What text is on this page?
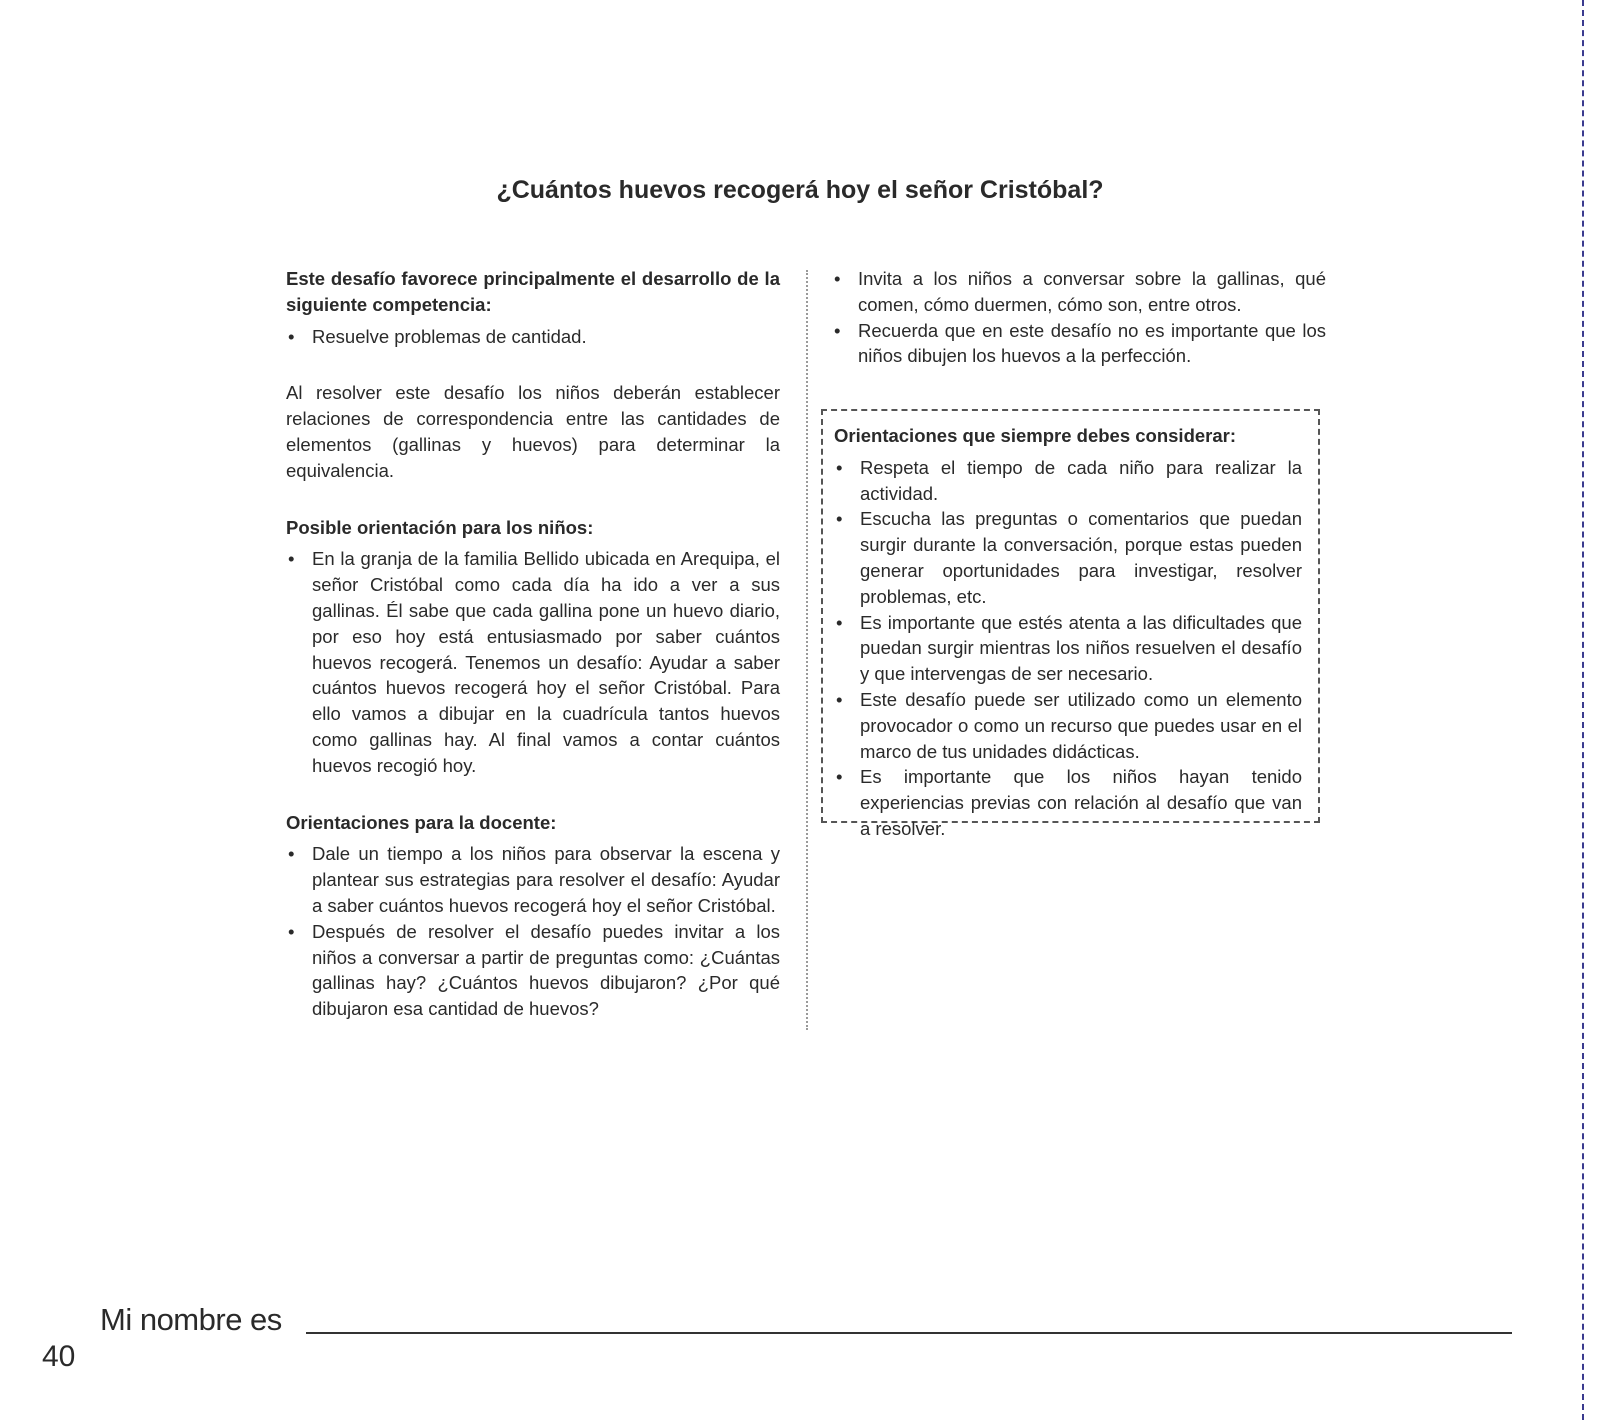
¿Cuántos huevos recogerá hoy el señor Cristóbal?

Este desafío favorece principalmente el desarrollo de la siguiente competencia:

• Resuelve problemas de cantidad.

Al resolver este desafío los niños deberán establecer relaciones de correspondencia entre las cantidades de elementos (gallinas y huevos) para determinar la equivalencia.

Posible orientación para los niños:

• En la granja de la familia Bellido ubicada en Arequipa, el señor Cristóbal como cada día ha ido a ver a sus gallinas. Él sabe que cada gallina pone un huevo diario, por eso hoy está entusiasmado por saber cuántos huevos recogerá. Tenemos un desafío: Ayudar a saber cuántos huevos recogerá hoy el señor Cristóbal. Para ello vamos a dibujar en la cuadrícula tantos huevos como gallinas hay. Al final vamos a contar cuántos huevos recogió hoy.

Orientaciones para la docente:

• Dale un tiempo a los niños para observar la escena y plantear sus estrategias para resolver el desafío: Ayudar a saber cuántos huevos recogerá hoy el señor Cristóbal.
• Después de resolver el desafío puedes invitar a los niños a conversar a partir de preguntas como: ¿Cuántas gallinas hay? ¿Cuántos huevos dibujaron? ¿Por qué dibujaron esa cantidad de huevos?
• Invita a los niños a conversar sobre la gallinas, qué comen, cómo duermen, cómo son, entre otros.
• Recuerda que en este desafío no es importante que los niños dibujen los huevos a la perfección.

Orientaciones que siempre debes considerar:

• Respeta el tiempo de cada niño para realizar la actividad.
• Escucha las preguntas o comentarios que puedan surgir durante la conversación, porque estas pueden generar oportunidades para investigar, resolver problemas, etc.
• Es importante que estés atenta a las dificultades que puedan surgir mientras los niños resuelven el desafío y que intervengas de ser necesario.
• Este desafío puede ser utilizado como un elemento provocador o como un recurso que puedes usar en el marco de tus unidades didácticas.
• Es importante que los niños hayan tenido experiencias previas con relación al desafío que van a resolver.
Mi nombre es
40
